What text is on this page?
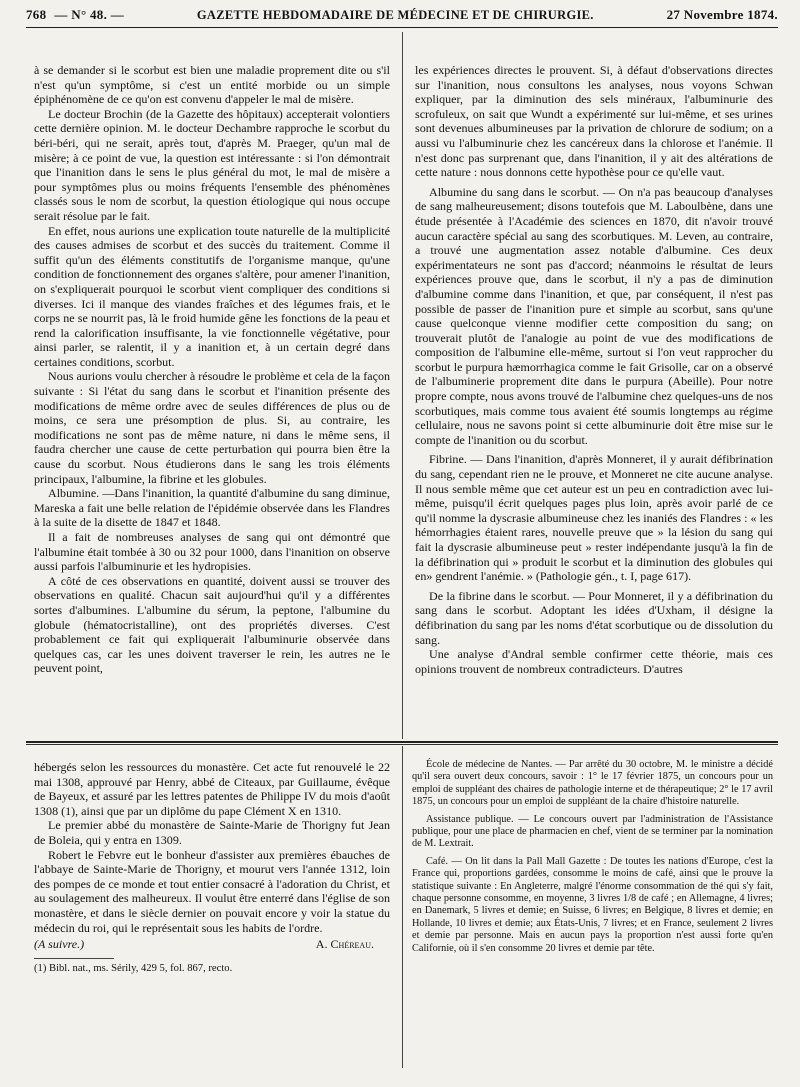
768 — N° 48. —	GAZETTE HEBDOMADAIRE DE MÉDECINE ET DE CHIRURGIE.	27 Novembre 1874.

à se demander si le scorbut est bien une maladie proprement dite ou s'il n'est qu'un symptôme, si c'est un entité morbide ou un simple épiphénomène de ce qu'on est convenu d'appeler le mal de misère.

Le docteur Brochin (de la Gazette des hôpitaux) accepterait volontiers cette dernière opinion. M. le docteur Dechambre rapproche le scorbut du béri-béri, qui ne serait, après tout, d'après M. Praeger, qu'un mal de misère; à ce point de vue, la question est intéressante : si l'on démontrait que l'inanition dans le sens le plus général du mot, le mal de misère a pour symptômes plus ou moins fréquents l'ensemble des phénomènes classés sous le nom de scorbut, la question étiologique qui nous occupe serait résolue par le fait.

En effet, nous aurions une explication toute naturelle de la multiplicité des causes admises de scorbut et des succès du traitement. Comme il suffit qu'un des éléments constitutifs de l'organisme manque, qu'une condition de fonctionnement des organes s'altère, pour amener l'inanition, on s'expliquerait pourquoi le scorbut vient compliquer des conditions si diverses. Ici il manque des viandes fraîches et des légumes frais, et le corps ne se nourrit pas, là le froid humide gêne les fonctions de la peau et rend la calorification insuffisante, la vie fonctionnelle végétative, pour ainsi parler, se ralentit, il y a inanition et, à un certain degré dans certaines conditions, scorbut.

Nous aurions voulu chercher à résoudre le problème et cela de la façon suivante : Si l'état du sang dans le scorbut et l'inanition présente des modifications de même ordre avec de seules différences de plus ou de moins, ce sera une présomption de plus. Si, au contraire, les modifications ne sont pas de même nature, ni dans le même sens, il faudra chercher une cause de cette perturbation qui pourra bien être la cause du scorbut. Nous étudierons dans le sang les trois éléments principaux, l'albumine, la fibrine et les globules.

Albumine. —Dans l'inanition, la quantité d'albumine du sang diminue, Mareska a fait une belle relation de l'épidémie observée dans les Flandres à la suite de la disette de 1847 et 1848.

Il a fait de nombreuses analyses de sang qui ont démontré que l'albumine était tombée à 30 ou 32 pour 1000, dans l'inanition on observe aussi parfois l'albuminurie et les hydropisies.

A côté de ces observations en quantité, doivent aussi se trouver des observations en qualité. Chacun sait aujourd'hui qu'il y a différentes sortes d'albumines. L'albumine du sérum, la peptone, l'albumine du globule (hématocristalline), ont des propriétés diverses. C'est probablement ce fait qui expliquerait l'albuminurie observée dans quelques cas, car les unes doivent traverser le rein, les autres ne le peuvent point,

les expériences directes le prouvent. Si, à défaut d'observations directes sur l'inanition, nous consultons les analyses, nous voyons Schwan expliquer, par la diminution des sels minéraux, l'albuminurie des scrofuleux, on sait que Wundt a expérimenté sur lui-même, et ses urines sont devenues albumineuses par la privation de chlorure de sodium; on a aussi vu l'albuminurie chez les cancéreux dans la chlorose et l'anémie. Il n'est donc pas surprenant que, dans l'inanition, il y ait des altérations de cette nature : nous donnons cette hypothèse pour ce qu'elle vaut.

Albumine du sang dans le scorbut. — On n'a pas beaucoup d'analyses de sang malheureusement; disons toutefois que M. Laboulbène, dans une étude présentée à l'Académie des sciences en 1870, dit n'avoir trouvé aucun caractère spécial au sang des scorbutiques. M. Leven, au contraire, a trouvé une augmentation assez notable d'albumine. Ces deux expérimentateurs ne sont pas d'accord; néanmoins le résultat de leurs expériences prouve que, dans le scorbut, il n'y a pas de diminution d'albumine comme dans l'inanition, et que, par conséquent, il n'est pas possible de passer de l'inanition pure et simple au scorbut, sans qu'une cause quelconque vienne modifier cette composition du sang; on trouverait plutôt de l'analogie au point de vue des modifications de composition de l'albumine elle-même, surtout si l'on veut rapprocher du scorbut le purpura hæmorrhagica comme le fait Grisolle, car on a observé de l'albuminerie proprement dite dans le purpura (Abeille). Pour notre propre compte, nous avons trouvé de l'albumine chez quelques-uns de nos scorbutiques, mais comme tous avaient été soumis longtemps au régime cellulaire, nous ne savons point si cette albuminurie doit être mise sur le compte de l'inanition ou du scorbut.

Fibrine. — Dans l'inanition, d'après Monneret, il y aurait défibrination du sang, cependant rien ne le prouve, et Monneret ne cite aucune analyse. Il nous semble même que cet auteur est un peu en contradiction avec lui-même, puisqu'il écrit quelques pages plus loin, après avoir parlé de ce qu'il nomme la dyscrasie albumineuse chez les inaniés des Flandres : « les hémorrhagies étaient rares, nouvelle preuve que » la lésion du sang qui fait la dyscrasie albumineuse peut » rester indépendante jusqu'à la fin de la défibrination qui » produit le scorbut et la diminution des globules qui en» gendrent l'anémie. » (Pathologie gén., t. I, page 617).

De la fibrine dans le scorbut. — Pour Monneret, il y a défibrination du sang dans le scorbut. Adoptant les idées d'Uxham, il désigne la défibrination du sang par les noms d'état scorbutique ou de dissolution du sang.

Une analyse d'Andral semble confirmer cette théorie, mais ces opinions trouvent de nombreux contradicteurs. D'autres

hébergés selon les ressources du monastère. Cet acte fut renouvelé le 22 mai 1308, approuvé par Henry, abbé de Citeaux, par Guillaume, évêque de Bayeux, et assuré par les lettres patentes de Philippe IV du mois d'août 1308 (1), ainsi que par un diplôme du pape Clément X en 1310.

Le premier abbé du monastère de Sainte-Marie de Thorigny fut Jean de Boleia, qui y entra en 1309.

Robert le Febvre eut le bonheur d'assister aux premières ébauches de l'abbaye de Sainte-Marie de Thorigny, et mourut vers l'année 1312, loin des pompes de ce monde et tout entier consacré à l'adoration du Christ, et au soulagement des malheureux. Il voulut être enterré dans l'église de son monastère, et dans le siècle dernier on pouvait encore y voir la statue du médecin du roi, qui le représentait sous les habits de l'ordre.

(A suivre.)	A. Chéreau.

(1) Bibl. nat., ms. Sérily, 429 5, fol. 867, recto.

École de médecine de Nantes. — Par arrêté du 30 octobre, M. le ministre a décidé qu'il sera ouvert deux concours, savoir : 1° le 17 février 1875, un concours pour un emploi de suppléant des chaires de pathologie interne et de thérapeutique; 2° le 17 avril 1875, un concours pour un emploi de suppléant de la chaire d'histoire naturelle.

Assistance publique. — Le concours ouvert par l'administration de l'Assistance publique, pour une place de pharmacien en chef, vient de se terminer par la nomination de M. Lextrait.

Café. — On lit dans la Pall Mall Gazette : De toutes les nations d'Europe, c'est la France qui, proportions gardées, consomme le moins de café, ainsi que le prouve la statistique suivante : En Angleterre, malgré l'énorme consommation de thé qui s'y fait, chaque personne consomme, en moyenne, 3 livres 1/8 de café ; en Allemagne, 4 livres; en Danemark, 5 livres et demie; en Suisse, 6 livres; en Belgique, 8 livres et demie; en Hollande, 10 livres et demie; aux États-Unis, 7 livres; et en France, seulement 2 livres et demie par personne. Mais en aucun pays la proportion n'est aussi forte qu'en Californie, où il s'en consomme 20 livres et demie par tête.
